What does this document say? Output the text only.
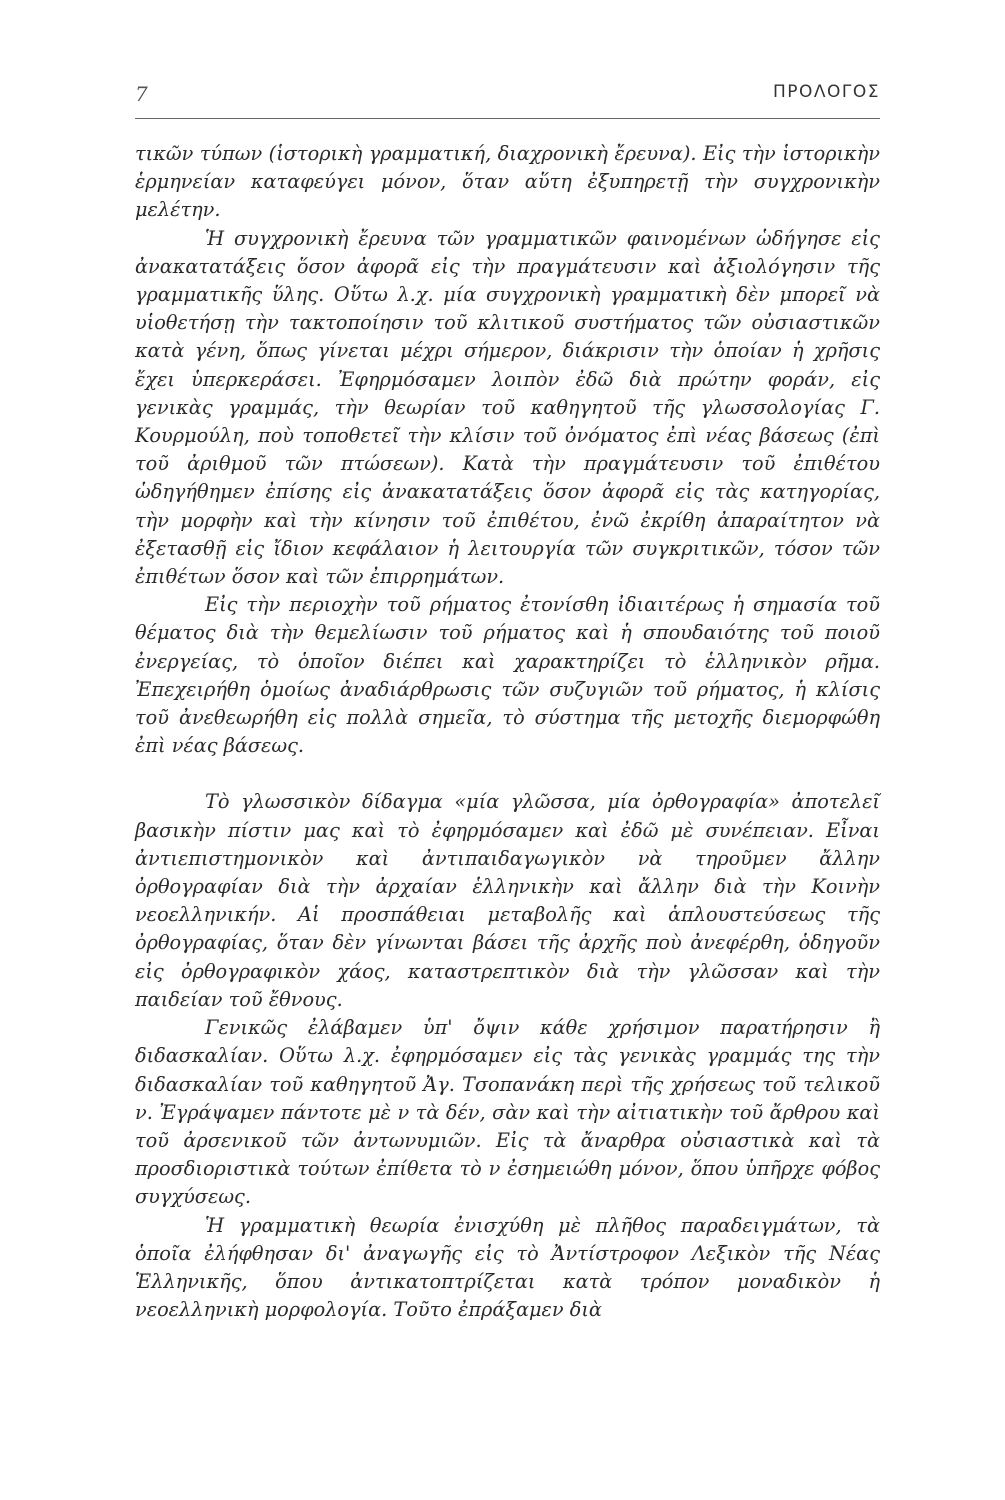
7	ΠΡΟΛΟΓΟΣ

τικῶν τύπων (ἱστορικὴ γραμματική, διαχρονικὴ ἔρευνα). Εἰς τὴν ἱστορικὴν ἑρμηνείαν καταφεύγει μόνον, ὅταν αὕτη ἐξυπηρετῇ τὴν συγχρονικὴν μελέτην.

Ἡ συγχρονικὴ ἔρευνα τῶν γραμματικῶν φαινομένων ὡδήγησε εἰς ἀνακατατάξεις ὅσον ἀφορᾶ εἰς τὴν πραγμάτευσιν καὶ ἀξιολόγησιν τῆς γραμματικῆς ὕλης. Οὕτω λ.χ. μία συγχρονικὴ γραμματικὴ δὲν μπορεῖ νὰ υἱοθετήσῃ τὴν τακτοποίησιν τοῦ κλιτικοῦ συστήματος τῶν οὐσιαστικῶν κατὰ γένη, ὅπως γίνεται μέχρι σήμερον, διάκρισιν τὴν ὁποίαν ἡ χρῆσις ἔχει ὑπερκεράσει. Ἐφηρμόσαμεν λοιπὸν ἐδῶ διὰ πρώτην φοράν, εἰς γενικὰς γραμμάς, τὴν θεωρίαν τοῦ καθηγητοῦ τῆς γλωσσολογίας Γ. Κουρμούλη, ποὺ τοποθετεῖ τὴν κλίσιν τοῦ ὀνόματος ἐπὶ νέας βάσεως (ἐπὶ τοῦ ἀριθμοῦ τῶν πτώσεων). Κατὰ τὴν πραγμάτευσιν τοῦ ἐπιθέτου ὡδηγήθημεν ἐπίσης εἰς ἀνακατατάξεις ὅσον ἀφορᾶ εἰς τὰς κατηγορίας, τὴν μορφὴν καὶ τὴν κίνησιν τοῦ ἐπιθέτου, ἐνῶ ἐκρίθη ἀπαραίτητον νὰ ἐξετασθῇ εἰς ἴδιον κεφάλαιον ἡ λειτουργία τῶν συγκριτικῶν, τόσον τῶν ἐπιθέτων ὅσον καὶ τῶν ἐπιρρημάτων.

Εἰς τὴν περιοχὴν τοῦ ρήματος ἐτονίσθη ἰδιαιτέρως ἡ σημασία τοῦ θέματος διὰ τὴν θεμελίωσιν τοῦ ρήματος καὶ ἡ σπουδαιότης τοῦ ποιοῦ ἐνεργείας, τὸ ὁποῖον διέπει καὶ χαρακτηρίζει τὸ ἑλληνικὸν ρῆμα. Ἐπεχειρήθη ὁμοίως ἀναδιάρθρωσις τῶν συζυγιῶν τοῦ ρήματος, ἡ κλίσις τοῦ ἀνεθεωρήθη εἰς πολλὰ σημεῖα, τὸ σύστημα τῆς μετοχῆς διεμορφώθη ἐπὶ νέας βάσεως.

Τὸ γλωσσικὸν δίδαγμα «μία γλῶσσα, μία ὀρθογραφία» ἀποτελεῖ βασικὴν πίστιν μας καὶ τὸ ἐφηρμόσαμεν καὶ ἐδῶ μὲ συνέπειαν. Εἶναι ἀντιεπιστημονικὸν καὶ ἀντιπαιδαγωγικὸν νὰ τηροῦμεν ἄλλην ὀρθογραφίαν διὰ τὴν ἀρχαίαν ἑλληνικὴν καὶ ἄλλην διὰ τὴν Κοινὴν νεοελληνικήν. Αἱ προσπάθειαι μεταβολῆς καὶ ἁπλουστεύσεως τῆς ὀρθογραφίας, ὅταν δὲν γίνωνται βάσει τῆς ἀρχῆς ποὺ ἀνεφέρθη, ὁδηγοῦν εἰς ὀρθογραφικὸν χάος, καταστρεπτικὸν διὰ τὴν γλῶσσαν καὶ τὴν παιδείαν τοῦ ἔθνους.

Γενικῶς ἐλάβαμεν ὑπ' ὄψιν κάθε χρήσιμον παρατήρησιν ἢ διδασκαλίαν. Οὕτω λ.χ. ἐφηρμόσαμεν εἰς τὰς γενικὰς γραμμάς της τὴν διδασκαλίαν τοῦ καθηγητοῦ Ἀγ. Τσοπανάκη περὶ τῆς χρήσεως τοῦ τελικοῦ ν. Ἐγράψαμεν πάντοτε μὲ ν τὰ δέν, σὰν καὶ τὴν αἰτιατικὴν τοῦ ἄρθρου καὶ τοῦ ἀρσενικοῦ τῶν ἀντωνυμιῶν. Εἰς τὰ ἄναρθρα οὐσιαστικὰ καὶ τὰ προσδιοριστικὰ τούτων ἐπίθετα τὸ ν ἐσημειώθη μόνον, ὅπου ὑπῆρχε φόβος συγχύσεως.

Ἡ γραμματικὴ θεωρία ἐνισχύθη μὲ πλῆθος παραδειγμάτων, τὰ ὁποῖα ἐλήφθησαν δι' ἀναγωγῆς εἰς τὸ Ἀντίστροφον Λεξικὸν τῆς Νέας Ἑλληνικῆς, ὅπου ἀντικατοπτρίζεται κατὰ τρόπον μοναδικὸν ἡ νεοελληνικὴ μορφολογία. Τοῦτο ἐπράξαμεν διὰ
